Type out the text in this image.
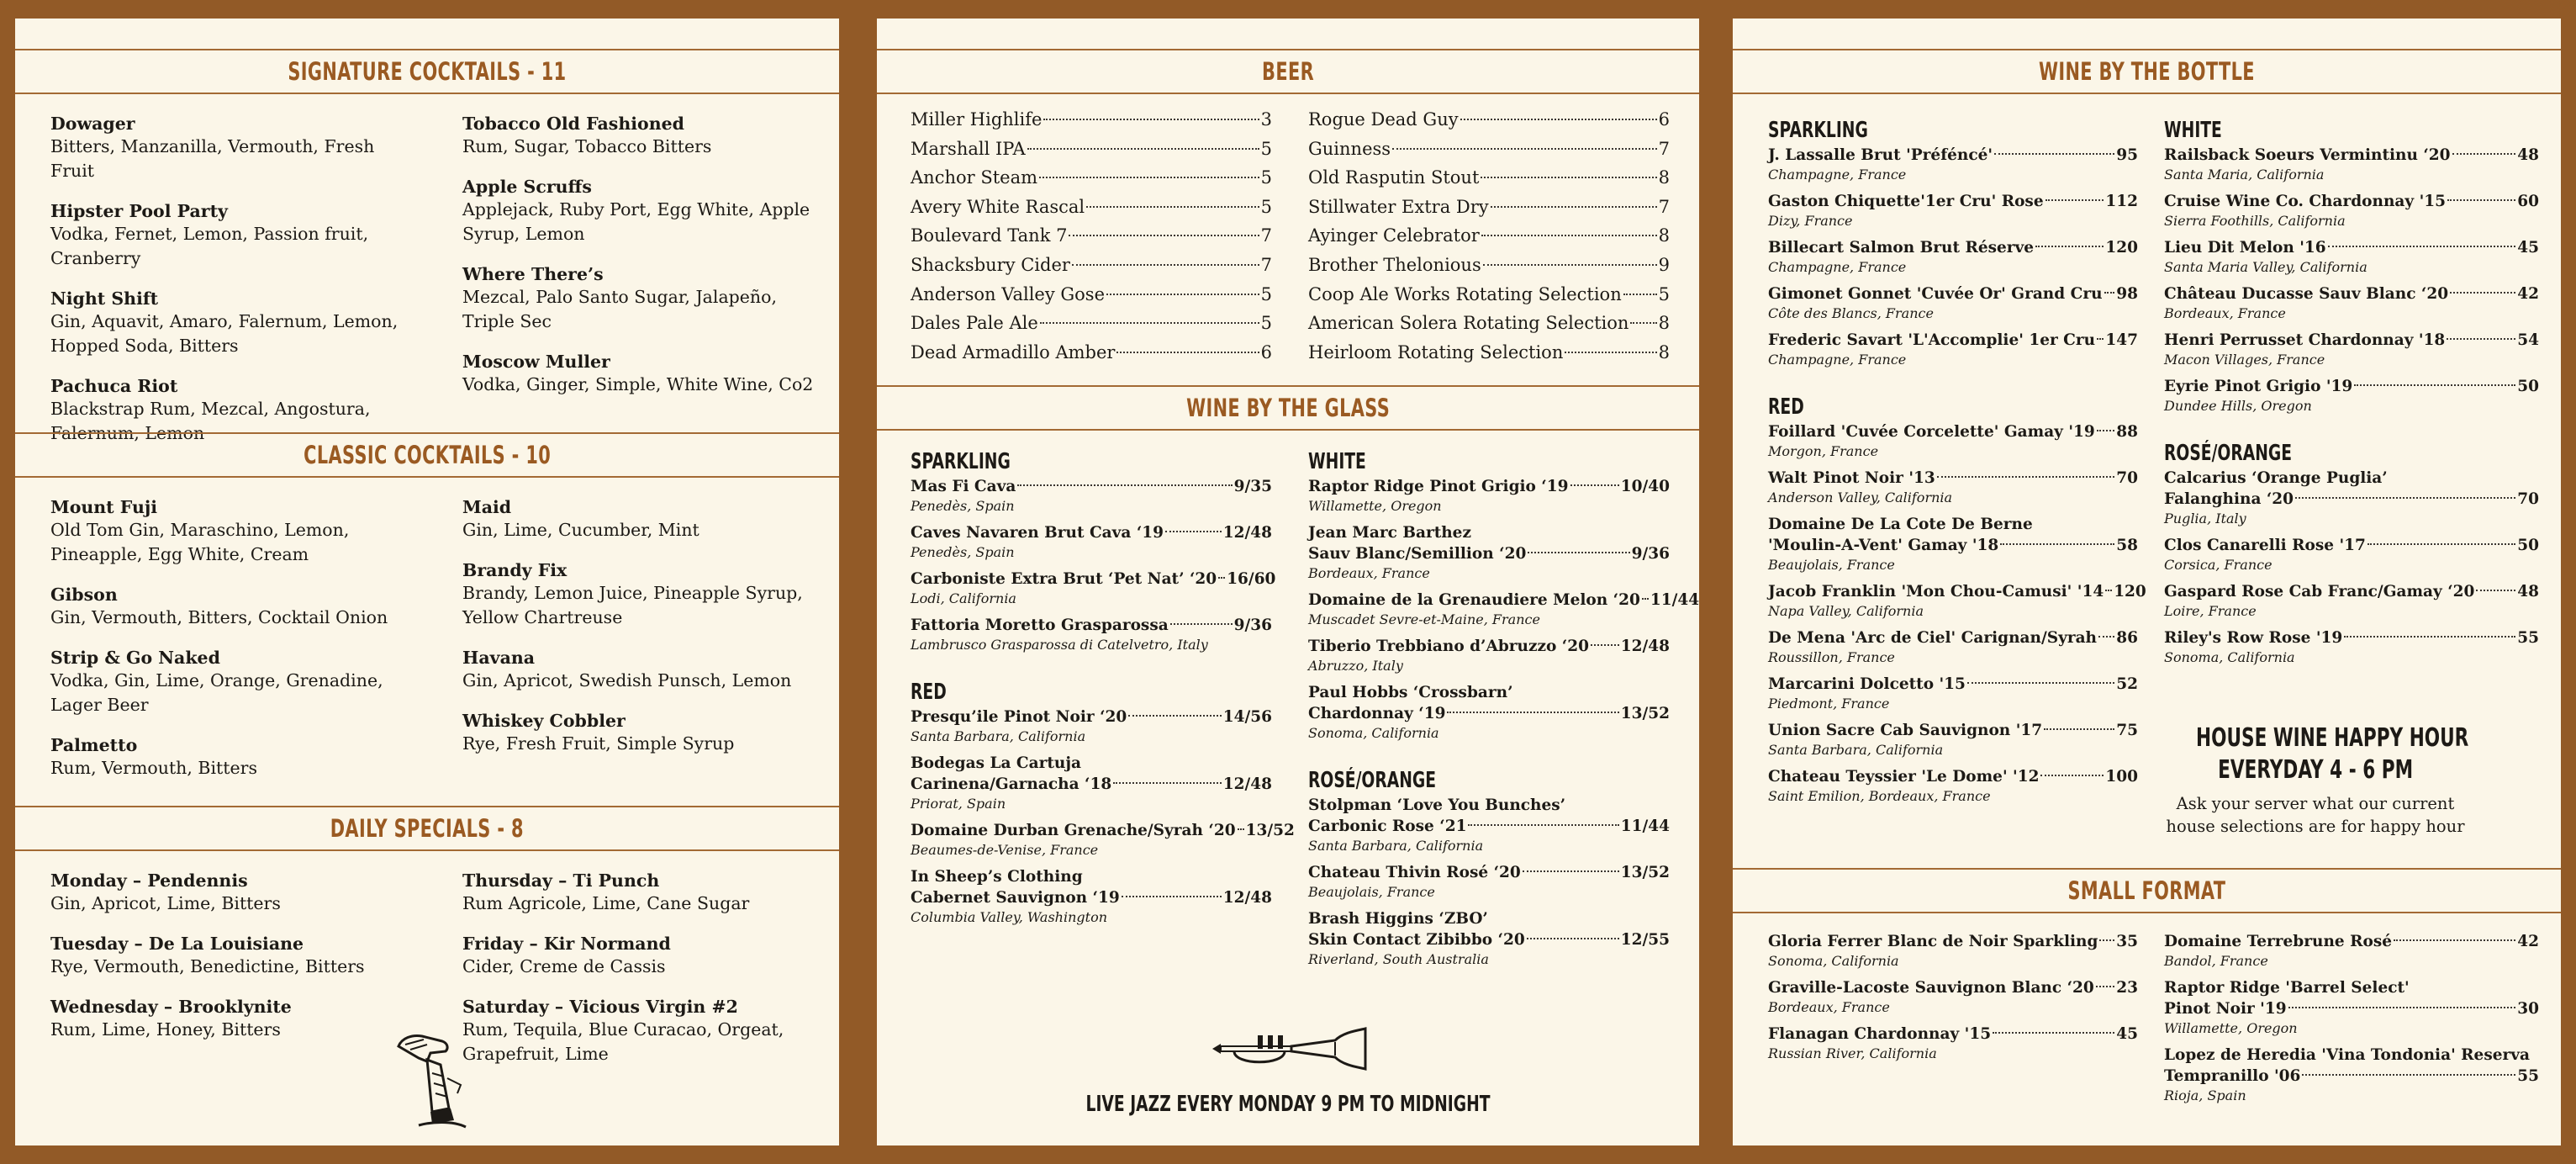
SIGNATURE COCKTAILS - 11
Dowager
Bitters, Manzanilla, Vermouth, Fresh Fruit
Hipster Pool Party
Vodka, Fernet, Lemon, Passion fruit, Cranberry
Night Shift
Gin, Aquavit, Amaro, Falernum, Lemon, Hopped Soda, Bitters
Pachuca Riot
Blackstrap Rum, Mezcal, Angostura, Falernum, Lemon
Tobacco Old Fashioned
Rum, Sugar, Tobacco Bitters
Apple Scruffs
Applejack, Ruby Port, Egg White, Apple Syrup, Lemon
Where There’s
Mezcal, Palo Santo Sugar, Jalapeño, Triple Sec
Moscow Muller
Vodka, Ginger, Simple, White Wine, Co2
CLASSIC COCKTAILS - 10
Mount Fuji
Old Tom Gin, Maraschino, Lemon, Pineapple, Egg White, Cream
Gibson
Gin, Vermouth, Bitters, Cocktail Onion
Strip & Go Naked
Vodka, Gin, Lime, Orange, Grenadine, Lager Beer
Palmetto
Rum, Vermouth, Bitters
Maid
Gin, Lime, Cucumber, Mint
Brandy Fix
Brandy, Lemon Juice, Pineapple Syrup, Yellow Chartreuse
Havana
Gin, Apricot, Swedish Punsch, Lemon
Whiskey Cobbler
Rye, Fresh Fruit, Simple Syrup
DAILY SPECIALS - 8
Monday – Pendennis
Gin, Apricot, Lime, Bitters
Tuesday – De La Louisiane
Rye, Vermouth, Benedictine, Bitters
Wednesday – Brooklynite
Rum, Lime, Honey, Bitters
Thursday – Ti Punch
Rum Agricole, Lime, Cane Sugar
Friday – Kir Normand
Cider, Creme de Cassis
Saturday – Vicious Virgin #2
Rum, Tequila, Blue Curacao, Orgeat, Grapefruit, Lime
BEER
Miller Highlife	3
Marshall IPA	5
Anchor Steam	5
Avery White Rascal	5
Boulevard Tank 7	7
Shacksbury Cider	7
Anderson Valley Gose	5
Dales Pale Ale	5
Dead Armadillo Amber	6
Rogue Dead Guy	6
Guinness	7
Old Rasputin Stout	8
Stillwater Extra Dry	7
Ayinger Celebrator	8
Brother Thelonious	9
Coop Ale Works Rotating Selection 5
American Solera Rotating Selection 8
Heirloom Rotating Selection	8
WINE BY THE GLASS
SPARKLING
Mas Fi Cava	9/35
Penedès, Spain
Caves Navaren Brut Cava ‘19	12/48
Penedès, Spain
Carboniste Extra Brut ‘Pet Nat’ ‘20 16/60
Lodi, California
Fattoria Moretto Grasparossa	9/36
Lambrusco Grasparossa di Catelvetro, Italy
RED
Presqu’ile Pinot Noir ‘20	14/56
Santa Barbara, California
Bodegas La Cartuja
Carinena/Garnacha ‘18	12/48
Priorat, Spain
Domaine Durban Grenache/Syrah ‘20 13/52
Beaumes-de-Venise, France
In Sheep’s Clothing
Cabernet Sauvignon ‘19	12/48
Columbia Valley, Washington
WHITE
Raptor Ridge Pinot Grigio ‘19	10/40
Willamette, Oregon
Jean Marc Barthez
Sauv Blanc/Semillion ‘20	9/36
Bordeaux, France
Domaine de la Grenaudiere Melon ‘20 11/44
Muscadet Sevre-et-Maine, France
Tiberio Trebbiano d’Abruzzo ‘20 12/48
Abruzzo, Italy
Paul Hobbs ‘Crossbarn’
Chardonnay ‘19	13/52
Sonoma, California
ROSÉ/ORANGE
Stolpman ‘Love You Bunches’
Carbonic Rose ‘21	11/44
Santa Barbara, California
Chateau Thivin Rosé ‘20	13/52
Beaujolais, France
Brash Higgins ‘ZBO’
Skin Contact Zibibbo ‘20	12/55
Riverland, South Australia
LIVE JAZZ EVERY MONDAY 9 PM TO MIDNIGHT
WINE BY THE BOTTLE
SPARKLING
J. Lassalle Brut 'Préféncé'	95
Champagne, France
Gaston Chiquette'1er Cru' Rose	112
Dizy, France
Billecart Salmon Brut Réserve	120
Champagne, France
Gimonet Gonnet 'Cuvée Or' Grand Cru 98
Côte des Blancs, France
Frederic Savart 'L'Accomplie' 1er Cru 147
Champagne, France
RED
Foillard 'Cuvée Corcelette' Gamay '19 88
Morgon, France
Walt Pinot Noir '13	70
Anderson Valley, California
Domaine De La Cote De Berne
'Moulin-A-Vent' Gamay '18	58
Beaujolais, France
Jacob Franklin 'Mon Chou-Camusi' '14 120
Napa Valley, California
De Mena 'Arc de Ciel' Carignan/Syrah 86
Roussillon, France
Marcarini Dolcetto '15	52
Piedmont, France
Union Sacre Cab Sauvignon '17	75
Santa Barbara, California
Chateau Teyssier 'Le Dome' '12	100
Saint Emilion, Bordeaux, France
WHITE
Railsback Soeurs Vermintinu ‘20	48
Santa Maria, California
Cruise Wine Co. Chardonnay '15	60
Sierra Foothills, California
Lieu Dit Melon '16	45
Santa Maria Valley, California
Château Ducasse Sauv Blanc ‘20	42
Bordeaux, France
Henri Perrusset Chardonnay '18	54
Macon Villages, France
Eyrie Pinot Grigio '19	50
Dundee Hills, Oregon
ROSÉ/ORANGE
Calcarius ‘Orange Puglia’
Falanghina ‘20	70
Puglia, Italy
Clos Canarelli Rose '17	50
Corsica, France
Gaspard Rose Cab Franc/Gamay ‘20	48
Loire, France
Riley's Row Rose '19	55
Sonoma, California
SMALL FORMAT
Gloria Ferrer Blanc de Noir Sparkling 35
Sonoma, California
Graville-Lacoste Sauvignon Blanc ‘20 23
Bordeaux, France
Flanagan Chardonnay '15	45
Russian River, California
Domaine Terrebrune Rosé	42
Bandol, France
Raptor Ridge 'Barrel Select'
Pinot Noir '19	30
Willamette, Oregon
Lopez de Heredia 'Vina Tondonia' Reserva
Tempranillo '06	55
Rioja, Spain
HOUSE WINE HAPPY HOUR
EVERYDAY 4 - 6 PM
Ask your server what our current
house selections are for happy hour
